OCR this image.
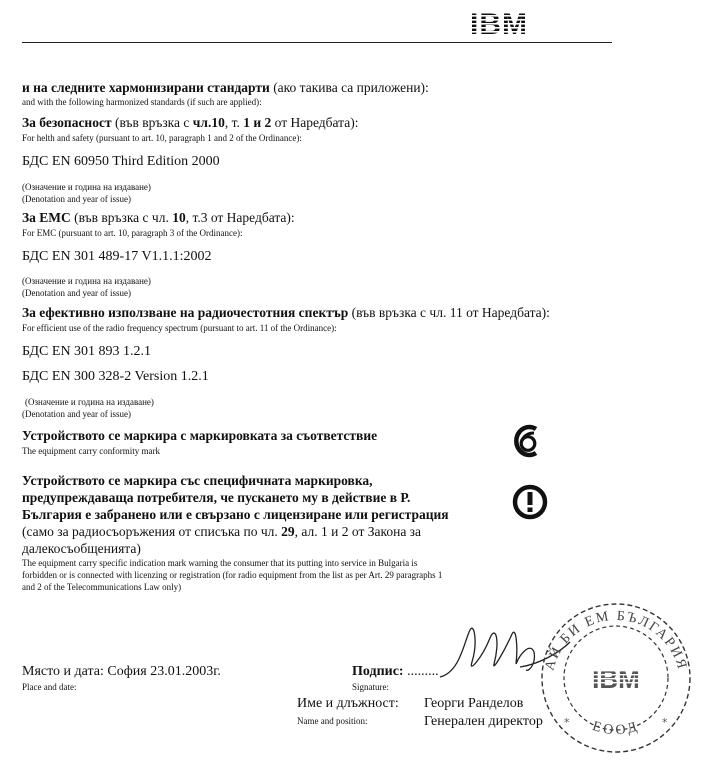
и на следните хармонизирани стандарти (ако такива са приложени):
and with the following harmonized standards (if such are applied):
За безопасност (във връзка с чл.10, т. 1 и 2 от Наредбата):
For helth and safety (pursuant to art. 10, paragraph 1 and 2 of the Ordinance):
БДС EN 60950 Third Edition 2000
(Означение и година на издаване)
(Denotation and year of issue)
За EMC (във връзка с чл. 10, т.3 от Наредбата):
For EMC (pursuant to art. 10, paragraph 3 of the Ordinance):
БДС EN 301 489-17 V1.1.1:2002
(Означение и година на издаване)
(Denotation and year of issue)
За ефективно използване на радиочестотния спектър (във връзка с чл. 11 от Наредбата):
For efficient use of the radio frequency spectrum (pursuant to art. 11 of the Ordinance):
БДС EN 301 893 1.2.1
БДС EN 300 328-2 Version 1.2.1
(Означение и година на издаване)
(Denotation and year of issue)
Устройството се маркира с маркировката за съответствие
The equipment carry conformity mark
Устройството се маркира със специфичната маркировка, предупреждаваща потребителя, че пускането му в действие в Р. България е забранено или е свързано с лицензиране или регистрация (само за радиосъоръжения от списъка по чл. 29, ал. 1 и 2 от Закона за далекосъобщенията)
The equipment carry specific indication mark warning the consumer that its putting into service in Bulgaria is forbidden or is connected with licenzing or registration (for radio equipment from the list as per Art. 29 paragraphs 1 and 2 of the Telecommunications Law only)
Място и дата: София 23.01.2003г.
Place and date:
Подпис: .........
Signature:
Име и длъжност:
Name and position:
Георги Ранделов
Генерален директор
АЙ БИ ЕМ БЪЛГАРИЯ
ЕООД
*	*
